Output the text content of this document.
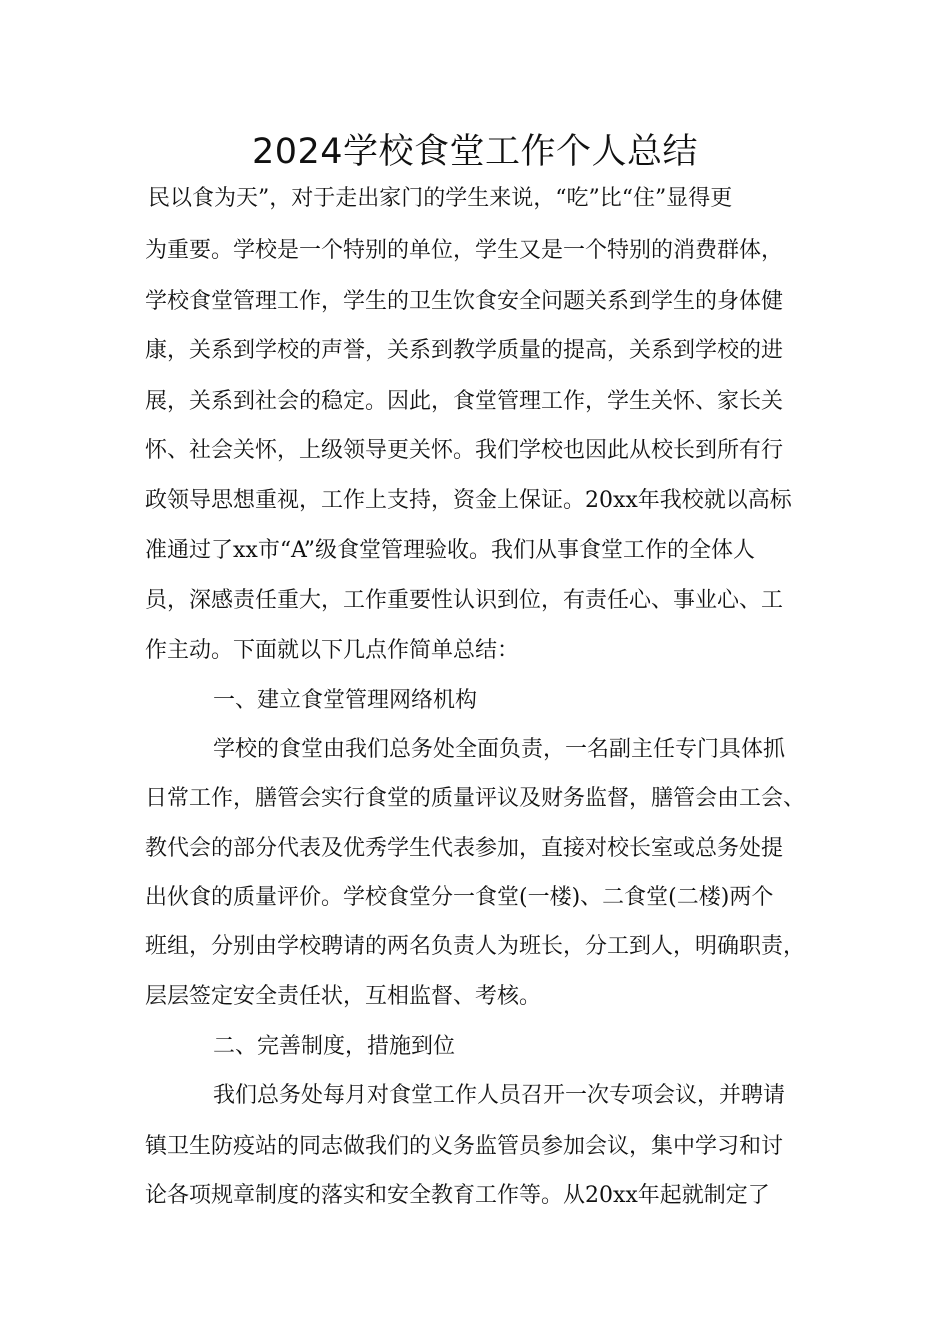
2024学校食堂工作个人总结
民以食为天”，对于走出家门的学生来说，“吃”比“住”显得更
为重要。学校是一个特别的单位，学生又是一个特别的消费群体，
学校食堂管理工作，学生的卫生饮食安全问题关系到学生的身体健
康，关系到学校的声誉，关系到教学质量的提高，关系到学校的进
展，关系到社会的稳定。因此，食堂管理工作，学生关怀、家长关
怀、社会关怀，上级领导更关怀。我们学校也因此从校长到所有行
政领导思想重视，工作上支持，资金上保证。20xx年我校就以高标
准通过了xx市“A”级食堂管理验收。我们从事食堂工作的全体人
员，深感责任重大，工作重要性认识到位，有责任心、事业心、工
作主动。下面就以下几点作简单总结：
一、建立食堂管理网络机构
学校的食堂由我们总务处全面负责，一名副主任专门具体抓
日常工作，膳管会实行食堂的质量评议及财务监督，膳管会由工会、
教代会的部分代表及优秀学生代表参加，直接对校长室或总务处提
出伙食的质量评价。学校食堂分一食堂(一楼)、二食堂(二楼)两个
班组，分别由学校聘请的两名负责人为班长，分工到人，明确职责，
层层签定安全责任状，互相监督、考核。
二、完善制度，措施到位
我们总务处每月对食堂工作人员召开一次专项会议，并聘请
镇卫生防疫站的同志做我们的义务监管员参加会议，集中学习和讨
论各项规章制度的落实和安全教育工作等。从20xx年起就制定了
